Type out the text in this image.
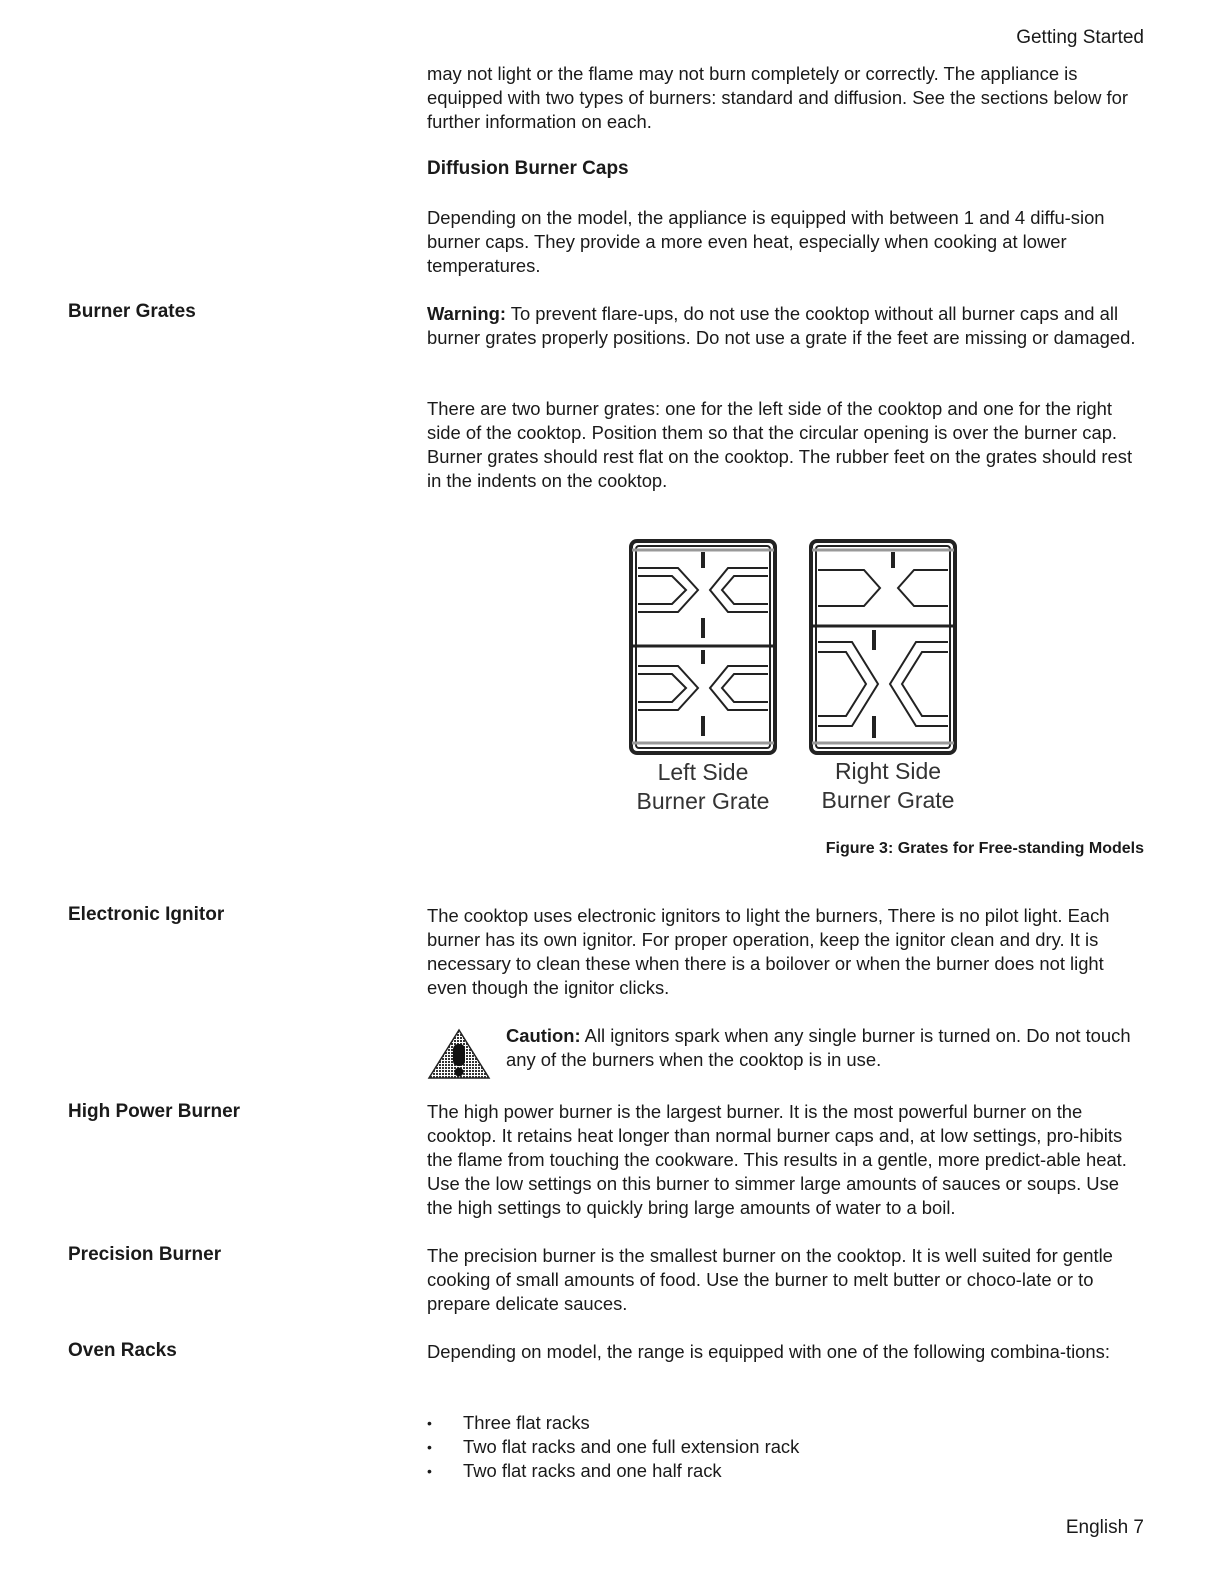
Getting Started
may not light or the flame may not burn completely or correctly. The appliance is equipped with two types of burners: standard and diffusion. See the sections below for further information on each.
Diffusion Burner Caps
Depending on the model, the appliance is equipped with between 1 and 4 diffu-sion burner caps. They provide a more even heat, especially when cooking at lower temperatures.
Burner Grates	Warning: To prevent flare-ups, do not use the cooktop without all burner caps and all burner grates properly positions. Do not use a grate if the feet are missing or damaged.
There are two burner grates: one for the left side of the cooktop and one for the right side of the cooktop. Position them so that the circular opening is over the burner cap. Burner grates should rest flat on the cooktop. The rubber feet on the grates should rest in the indents on the cooktop.
Left Side
Burner Grate
Right Side
Burner Grate
Figure 3: Grates for Free-standing Models
Electronic Ignitor	The cooktop uses electronic ignitors to light the burners, There is no pilot light. Each burner has its own ignitor. For proper operation, keep the ignitor clean and dry. It is necessary to clean these when there is a boilover or when the burner does not light even though the ignitor clicks.
Caution: All ignitors spark when any single burner is turned on. Do not touch any of the burners when the cooktop is in use.
High Power Burner	The high power burner is the largest burner. It is the most powerful burner on the cooktop. It retains heat longer than normal burner caps and, at low settings, pro-hibits the flame from touching the cookware. This results in a gentle, more predict-able heat. Use the low settings on this burner to simmer large amounts of sauces or soups. Use the high settings to quickly bring large amounts of water to a boil.
Precision Burner	The precision burner is the smallest burner on the cooktop. It is well suited for gentle cooking of small amounts of food. Use the burner to melt butter or choco-late or to prepare delicate sauces.
Oven Racks	Depending on model, the range is equipped with one of the following combina-tions:
• Three flat racks
• Two flat racks and one full extension rack
• Two flat racks and one half rack
English 7
